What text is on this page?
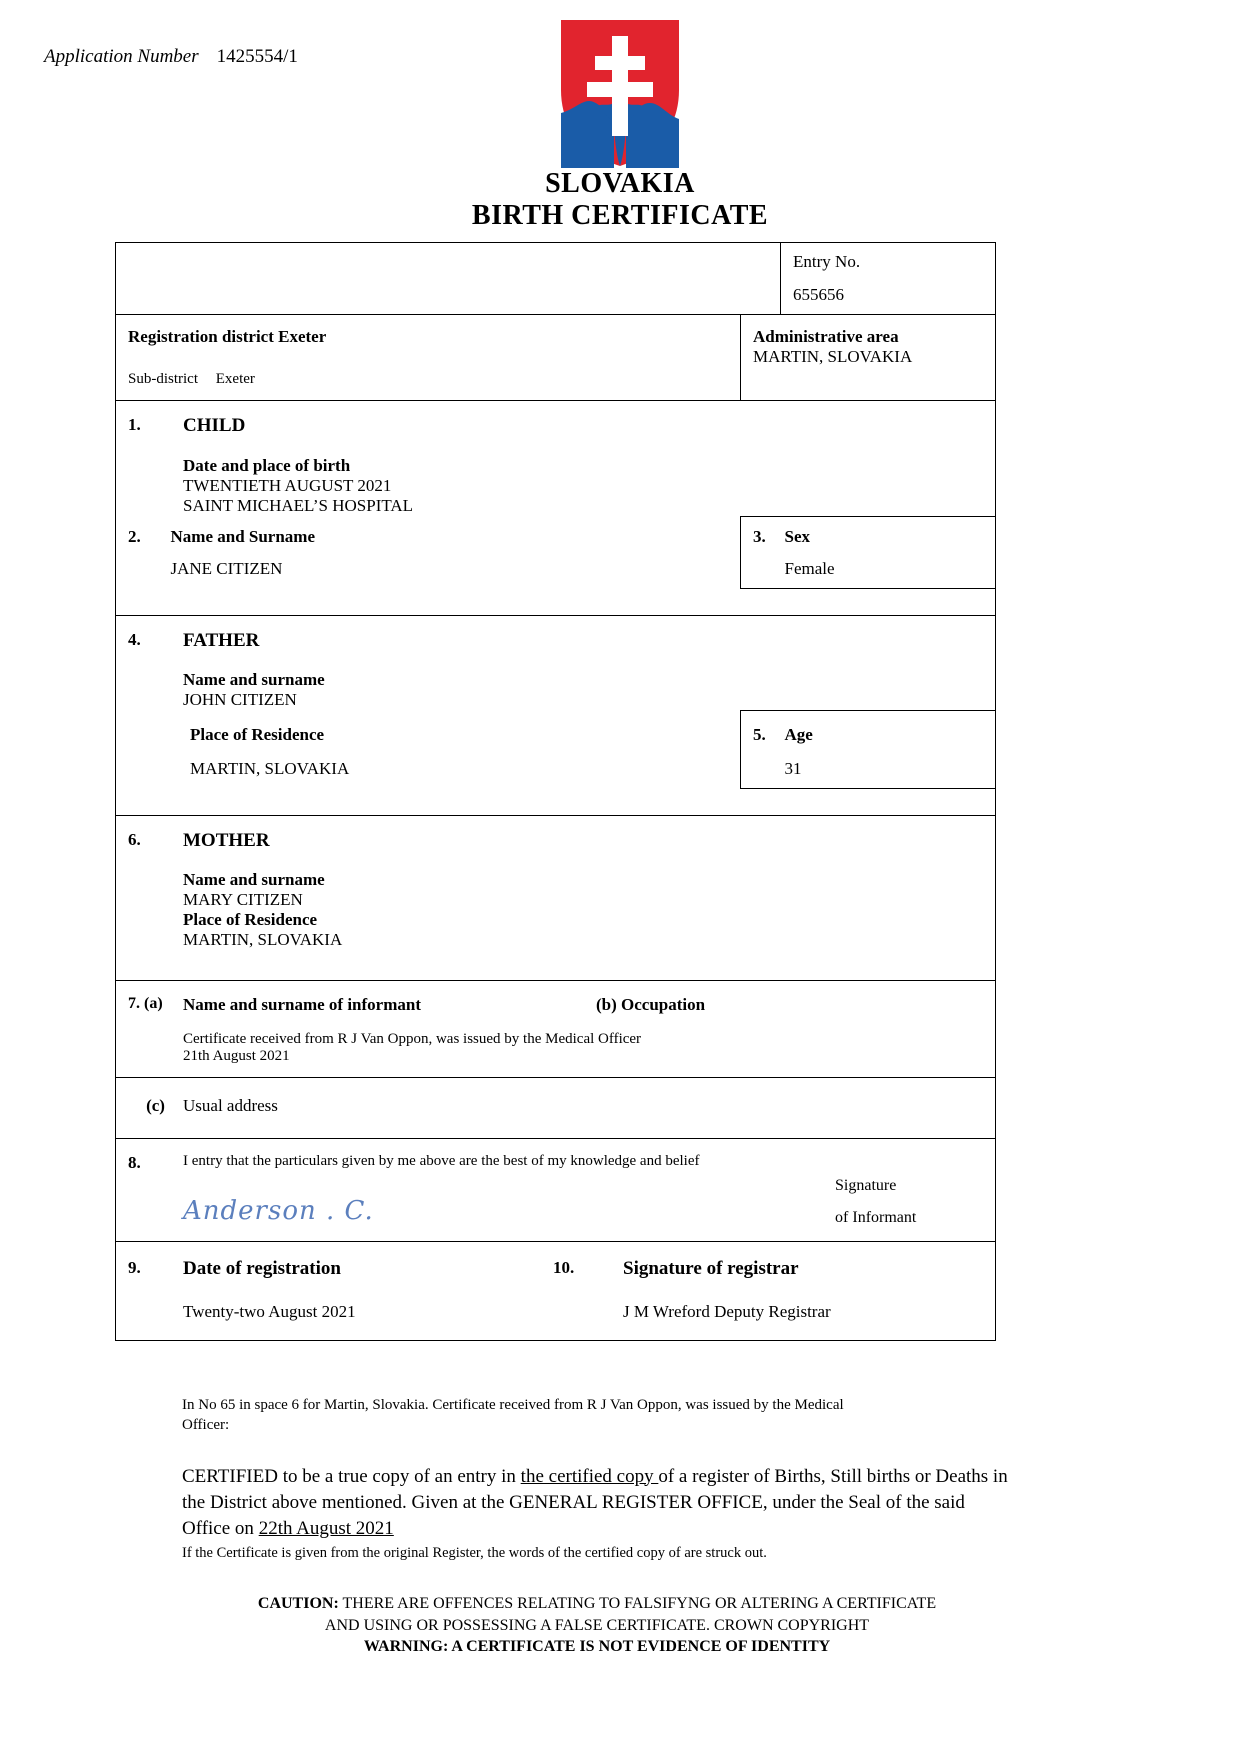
Application Number 1425554/1
SLOVAKIA
BIRTH CERTIFICATE

Entry No.
655656

Registration district Exeter
Sub-district Exeter

Administrative area
MARTIN, SLOVAKIA

1.	CHILD
Date and place of birth
TWENTIETH AUGUST 2021
SAINT MICHAEL’S HOSPITAL

2.	Name and Surname
JANE CITIZEN

3.	Sex
Female

4.	FATHER
Name and surname
JOHN CITIZEN

Place of Residence
MARTIN, SLOVAKIA

5.	Age
31

6.	MOTHER
Name and surname
MARY CITIZEN
Place of Residence
MARTIN, SLOVAKIA

7. (a)	Name and surname of informant	(b) Occupation
Certificate received from R J Van Oppon, was issued by the Medical Officer
21th August 2021

(c)	Usual address

8.	I entry that the particulars given by me above are the best of my knowledge and belief
Anderson . C.

Signature
of Informant

9.	Date of registration
Twenty-two August 2021
	10.	Signature of registrar
J M Wreford Deputy Registrar
In No 65 in space 6 for Martin, Slovakia. Certificate received from R J Van Oppon, was issued by the Medical
Officer:
CERTIFIED to be a true copy of an entry in the certified copy of a register of Births, Still births or Deaths in the District above mentioned. Given at the GENERAL REGISTER OFFICE, under the Seal of the said Office on 22th August 2021
If the Certificate is given from the original Register, the words of the certified copy of are struck out.
CAUTION: THERE ARE OFFENCES RELATING TO FALSIFYNG OR ALTERING A CERTIFICATE
AND USING OR POSSESSING A FALSE CERTIFICATE. CROWN COPYRIGHT
WARNING: A CERTIFICATE IS NOT EVIDENCE OF IDENTITY
